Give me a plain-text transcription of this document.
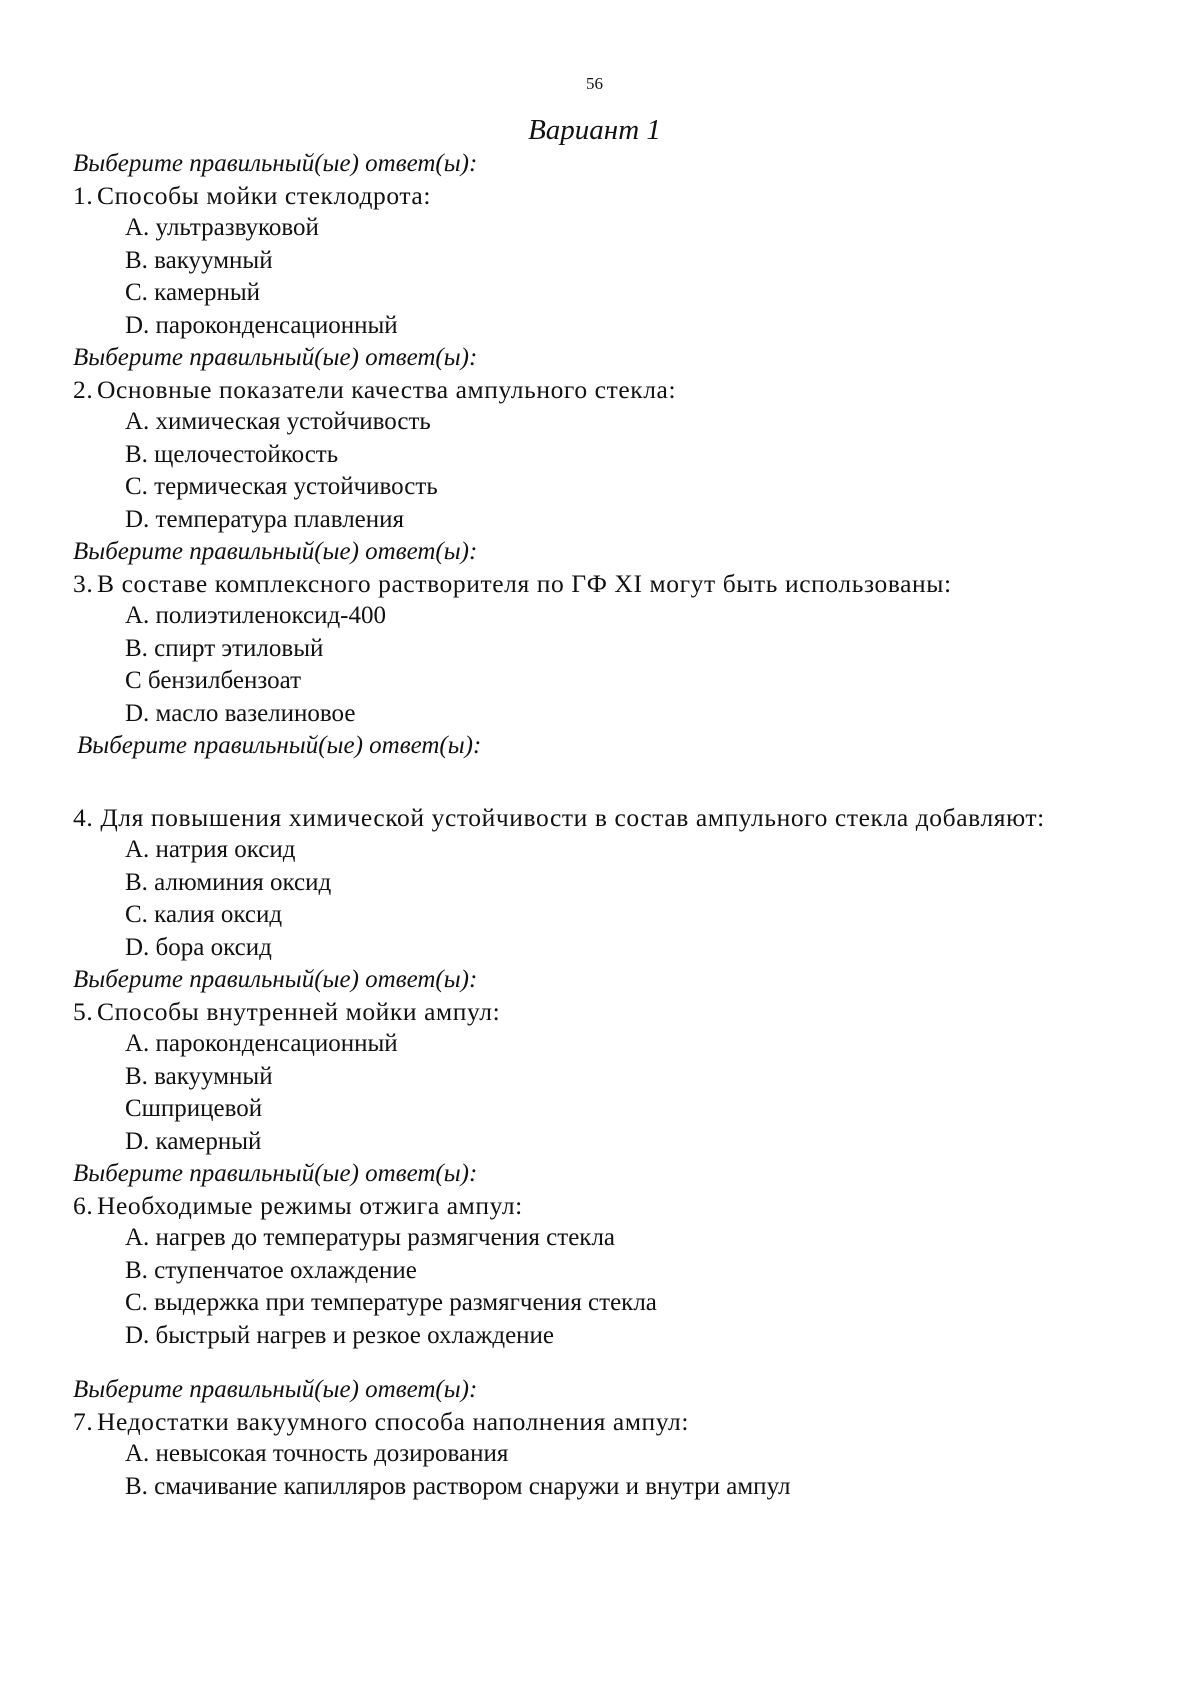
56
Вариант 1
Выберите правильный(ые) ответ(ы):
1. Способы мойки стеклодрота:
А. ультразвуковой
В. вакуумный
С. камерный
D. пароконденсационный
Выберите правильный(ые) ответ(ы):
2. Основные показатели качества ампульного стекла:
А. химическая устойчивость
В. щелочестойкость
С. термическая устойчивость
D. температура плавления
Выберите правильный(ые) ответ(ы):
3. В составе комплексного растворителя по ГФ XI могут быть использованы:
А. полиэтиленоксид-400
В. спирт этиловый
С бензилбензоат
D. масло вазелиновое
Выберите правильный(ые) ответ(ы):
4. Для повышения химической устойчивости в состав ампульного стекла добавляют:
А. натрия оксид
В. алюминия оксид
С. калия оксид
D. бора оксид
Выберите правильный(ые) ответ(ы):
5. Способы внутренней мойки ампул:
А. пароконденсационный
В. вакуумный
Сшприцевой
D. камерный
Выберите правильный(ые) ответ(ы):
6. Необходимые режимы отжига ампул:
А. нагрев до температуры размягчения стекла
В. ступенчатое охлаждение
С. выдержка при температуре размягчения стекла
D. быстрый нагрев и резкое охлаждение
Выберите правильный(ые) ответ(ы):
7. Недостатки вакуумного способа наполнения ампул:
А. невысокая точность дозирования
В. смачивание капилляров раствором снаружи и внутри ампул
